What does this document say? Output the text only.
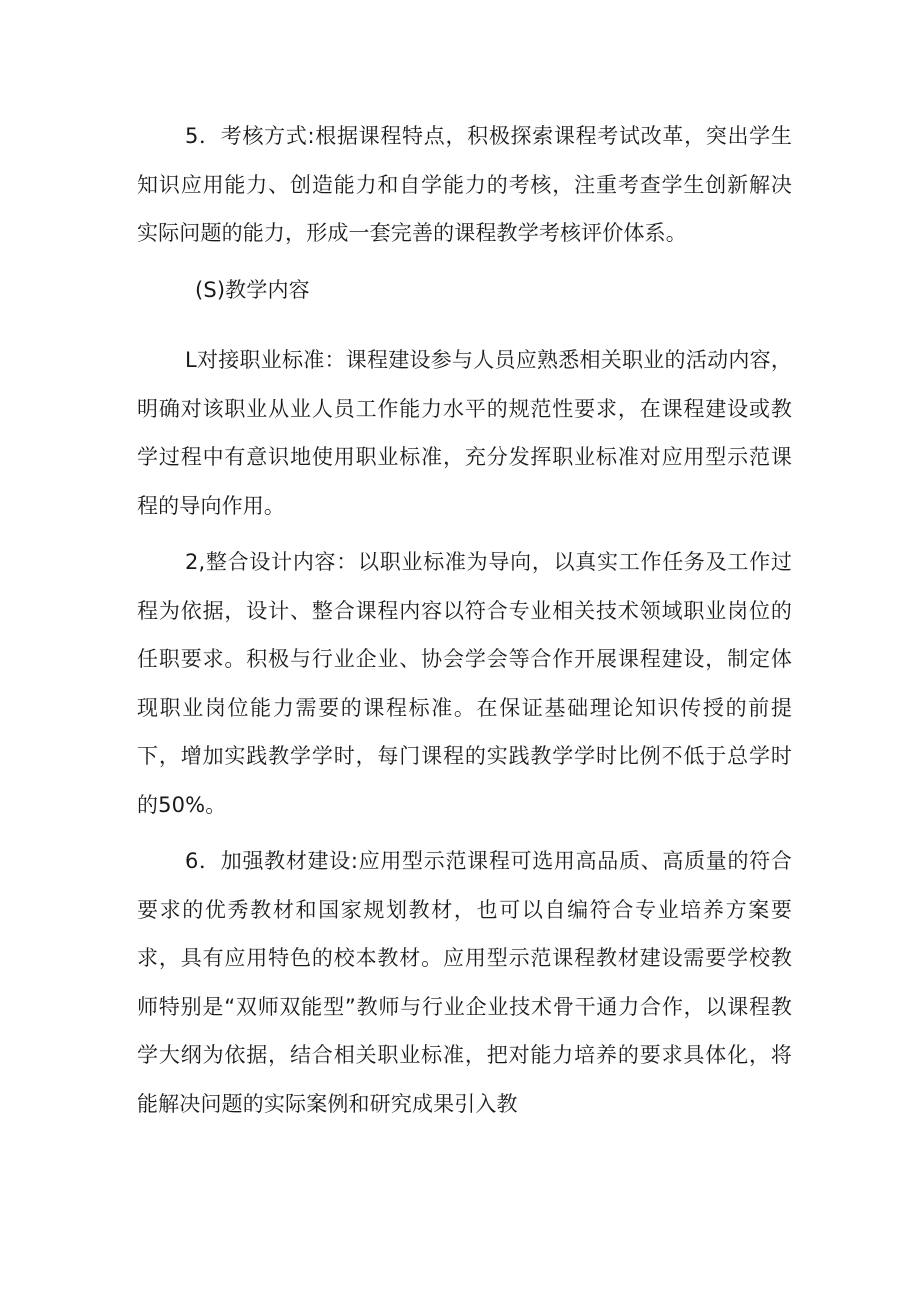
5．考核方式:根据课程特点，积极探索课程考试改革，突出学生知识应用能力、创造能力和自学能力的考核，注重考查学生创新解决实际问题的能力，形成一套完善的课程教学考核评价体系。

(S)教学内容

L对接职业标准：课程建设参与人员应熟悉相关职业的活动内容，明确对该职业从业人员工作能力水平的规范性要求，在课程建设或教学过程中有意识地使用职业标准，充分发挥职业标准对应用型示范课程的导向作用。

2,整合设计内容：以职业标准为导向，以真实工作任务及工作过程为依据，设计、整合课程内容以符合专业相关技术领域职业岗位的任职要求。积极与行业企业、协会学会等合作开展课程建设，制定体现职业岗位能力需要的课程标准。在保证基础理论知识传授的前提下，增加实践教学学时，每门课程的实践教学学时比例不低于总学时的50%。

6．加强教材建设:应用型示范课程可选用高品质、高质量的符合要求的优秀教材和国家规划教材，也可以自编符合专业培养方案要求，具有应用特色的校本教材。应用型示范课程教材建设需要学校教师特别是“双师双能型”教师与行业企业技术骨干通力合作，以课程教学大纲为依据，结合相关职业标准，把对能力培养的要求具体化，将能解决问题的实际案例和研究成果引入教
